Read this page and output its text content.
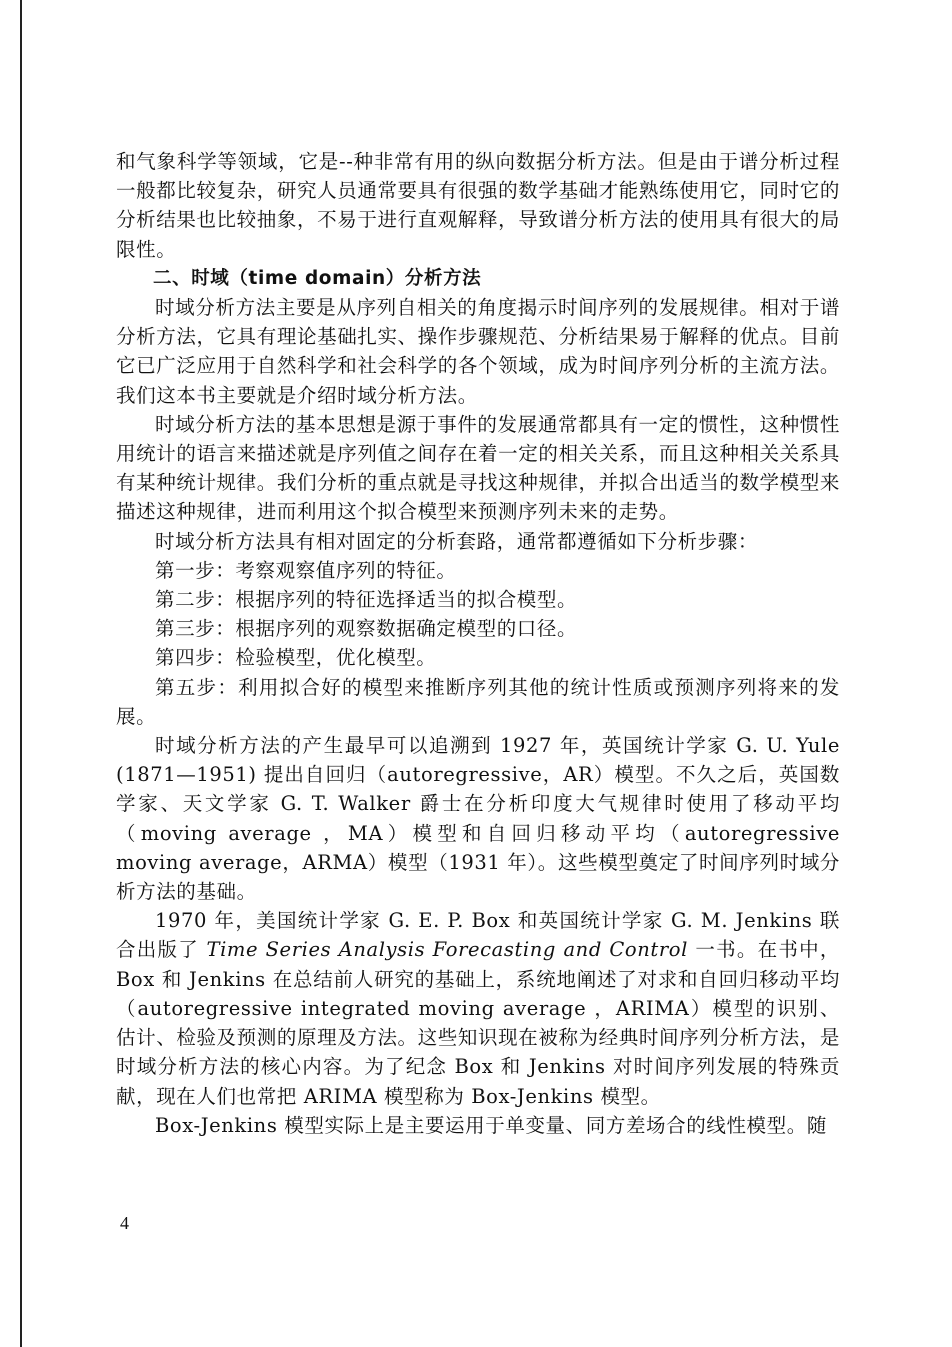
和气象科学等领域，它是--种非常有用的纵向数据分析方法。但是由于谱分析过程一般都比较复杂，研究人员通常要具有很强的数学基础才能熟练使用它，同时它的分析结果也比较抽象，不易于进行直观解释，导致谱分析方法的使用具有很大的局限性。

二、时域（time domain）分析方法

时域分析方法主要是从序列自相关的角度揭示时间序列的发展规律。相对于谱分析方法，它具有理论基础扎实、操作步骤规范、分析结果易于解释的优点。目前它已广泛应用于自然科学和社会科学的各个领域，成为时间序列分析的主流方法。我们这本书主要就是介绍时域分析方法。

时域分析方法的基本思想是源于事件的发展通常都具有一定的惯性，这种惯性用统计的语言来描述就是序列值之间存在着一定的相关关系，而且这种相关关系具有某种统计规律。我们分析的重点就是寻找这种规律，并拟合出适当的数学模型来描述这种规律，进而利用这个拟合模型来预测序列未来的走势。

时域分析方法具有相对固定的分析套路，通常都遵循如下分析步骤：

第一步：考察观察值序列的特征。

第二步：根据序列的特征选择适当的拟合模型。

第三步：根据序列的观察数据确定模型的口径。

第四步：检验模型，优化模型。

第五步：利用拟合好的模型来推断序列其他的统计性质或预测序列将来的发展。

时域分析方法的产生最早可以追溯到 1927 年，英国统计学家 G. U. Yule (1871—1951) 提出自回归（autoregressive，AR）模型。不久之后，英国数学家、天文学家 G. T. Walker 爵士在分析印度大气规律时使用了移动平均（moving average ，MA）模型和自回归移动平均（autoregressive moving average，ARMA）模型（1931 年）。这些模型奠定了时间序列时域分析方法的基础。

1970 年，美国统计学家 G. E. P. Box 和英国统计学家 G. M. Jenkins 联合出版了 Time Series Analysis Forecasting and Control 一书。在书中，Box 和 Jenkins 在总结前人研究的基础上，系统地阐述了对求和自回归移动平均（autoregressive integrated moving average ，ARIMA）模型的识别、估计、检验及预测的原理及方法。这些知识现在被称为经典时间序列分析方法，是时域分析方法的核心内容。为了纪念 Box 和 Jenkins 对时间序列发展的特殊贡献，现在人们也常把 ARIMA 模型称为 Box-Jenkins 模型。

Box-Jenkins 模型实际上是主要运用于单变量、同方差场合的线性模型。随

4
